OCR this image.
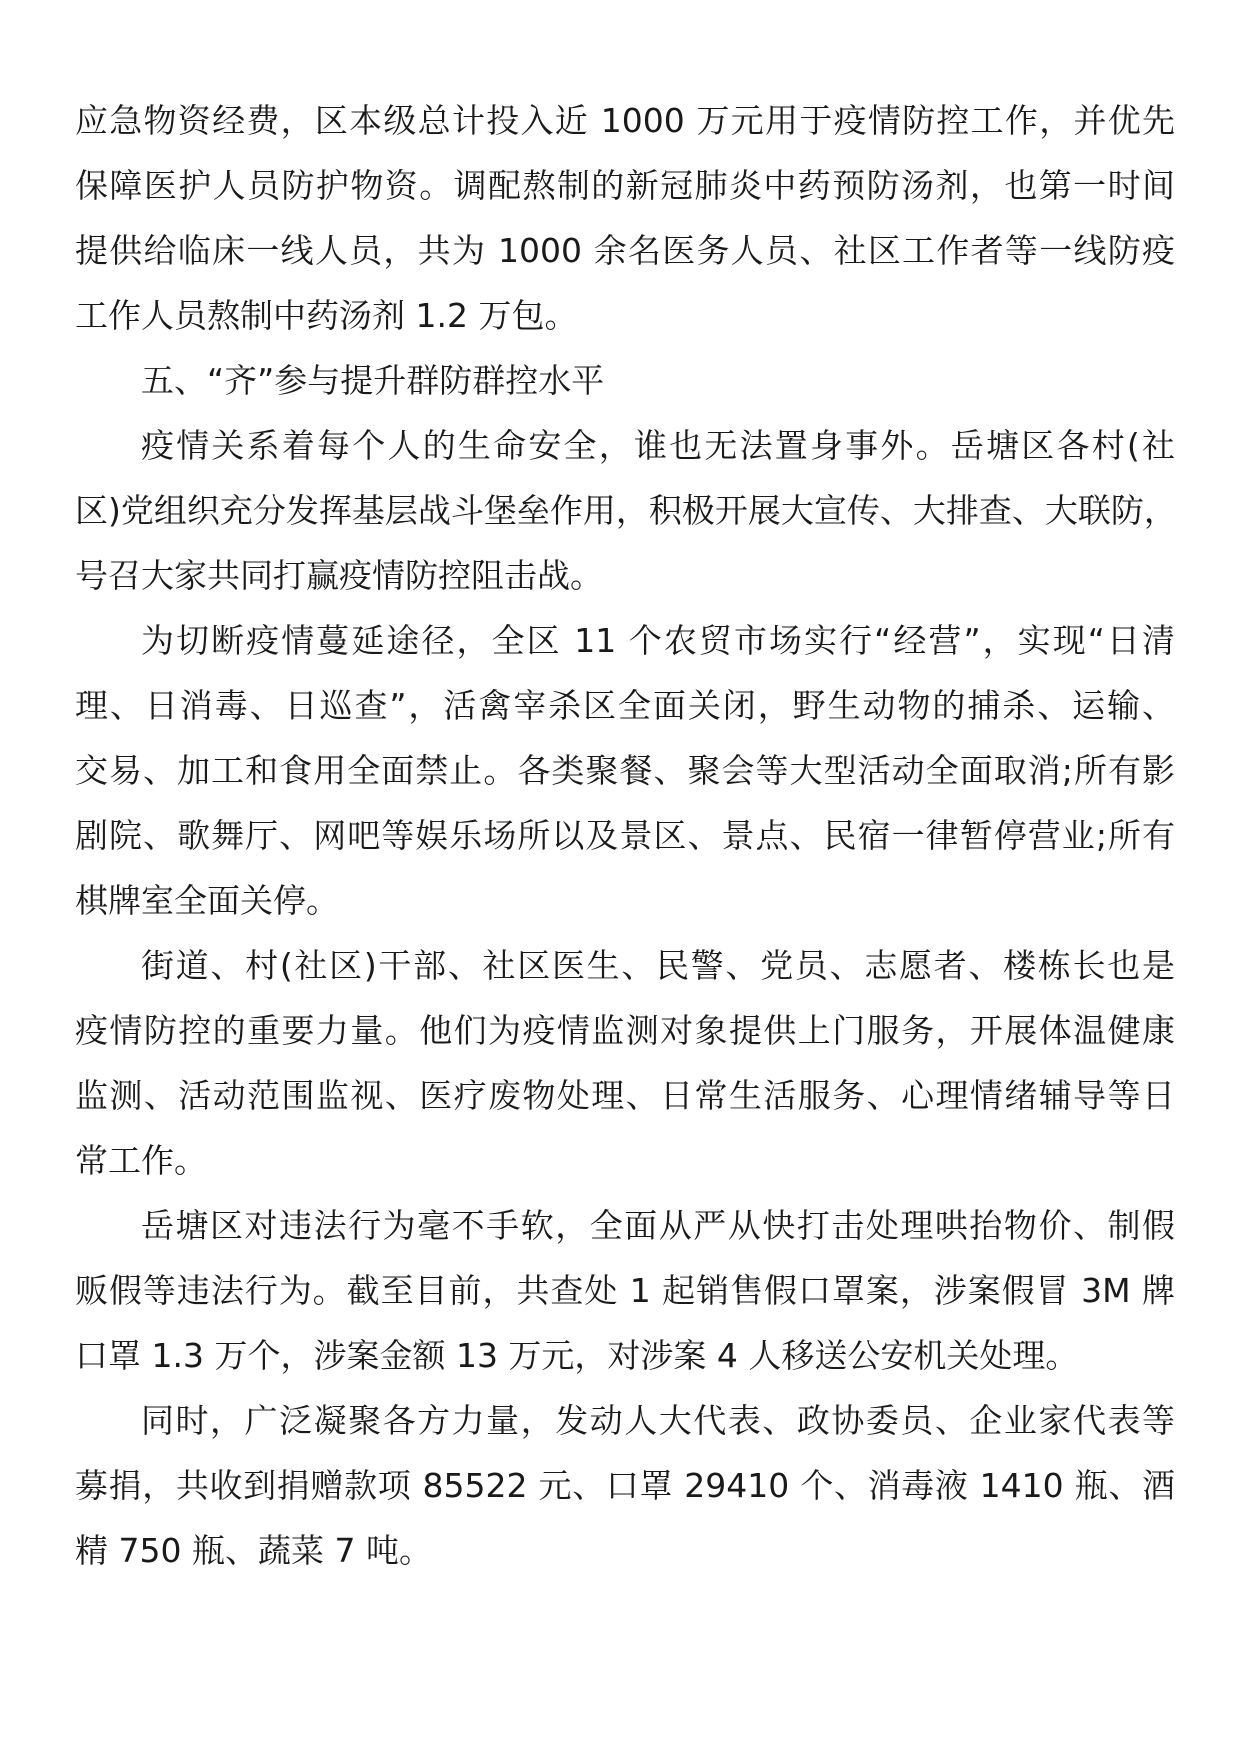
应急物资经费，区本级总计投入近 1000 万元用于疫情防控工作，并优先
保障医护人员防护物资。调配熬制的新冠肺炎中药预防汤剂，也第一时间
提供给临床一线人员，共为 1000 余名医务人员、社区工作者等一线防疫
工作人员熬制中药汤剂 1.2 万包。

五、“齐”参与提升群防群控水平

疫情关系着每个人的生命安全，谁也无法置身事外。岳塘区各村(社
区)党组织充分发挥基层战斗堡垒作用，积极开展大宣传、大排查、大联防，
号召大家共同打赢疫情防控阻击战。

为切断疫情蔓延途径，全区 11 个农贸市场实行“经营”，实现“日清
理、日消毒、日巡查”，活禽宰杀区全面关闭，野生动物的捕杀、运输、
交易、加工和食用全面禁止。各类聚餐、聚会等大型活动全面取消;所有影
剧院、歌舞厅、网吧等娱乐场所以及景区、景点、民宿一律暂停营业;所有
棋牌室全面关停。

街道、村(社区)干部、社区医生、民警、党员、志愿者、楼栋长也是
疫情防控的重要力量。他们为疫情监测对象提供上门服务，开展体温健康
监测、活动范围监视、医疗废物处理、日常生活服务、心理情绪辅导等日
常工作。

岳塘区对违法行为毫不手软，全面从严从快打击处理哄抬物价、制假
贩假等违法行为。截至目前，共查处 1 起销售假口罩案，涉案假冒 3M 牌
口罩 1.3 万个，涉案金额 13 万元，对涉案 4 人移送公安机关处理。

同时，广泛凝聚各方力量，发动人大代表、政协委员、企业家代表等
募捐，共收到捐赠款项 85522 元、口罩 29410 个、消毒液 1410 瓶、酒
精 750 瓶、蔬菜 7 吨。
